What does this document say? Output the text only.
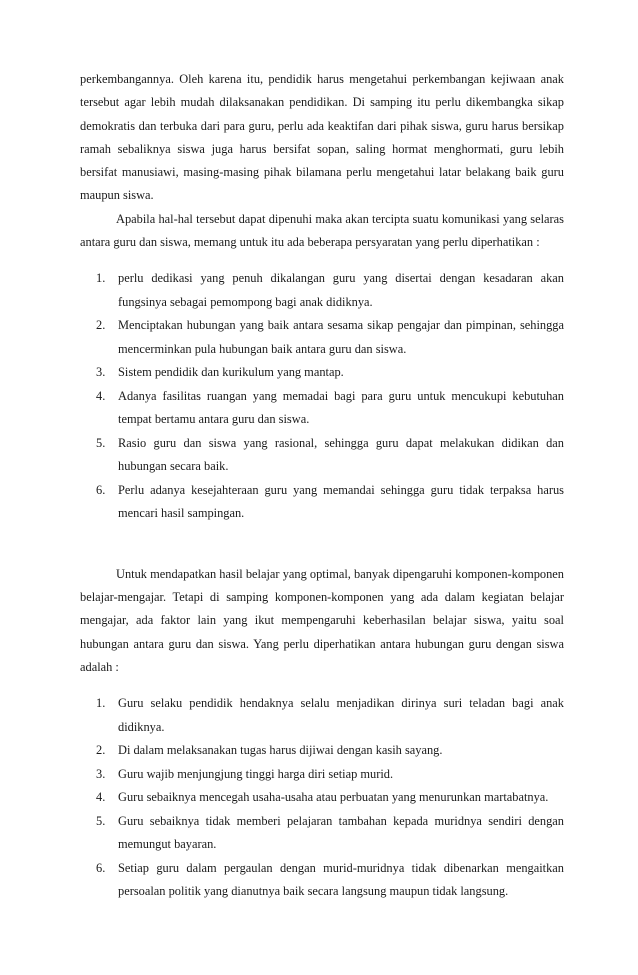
perkembangannya. Oleh karena itu, pendidik harus mengetahui perkembangan kejiwaan anak tersebut agar lebih mudah dilaksanakan pendidikan. Di samping itu perlu dikembangka sikap demokratis dan terbuka dari para guru, perlu ada keaktifan dari pihak siswa, guru harus bersikap ramah sebaliknya siswa juga harus bersifat sopan, saling hormat menghormati, guru lebih bersifat manusiawi, masing-masing pihak bilamana perlu mengetahui latar belakang baik guru maupun siswa.

Apabila hal-hal tersebut dapat dipenuhi maka akan tercipta suatu komunikasi yang selaras antara guru dan siswa, memang untuk itu ada beberapa persyaratan yang perlu diperhatikan :

1. perlu dedikasi yang penuh dikalangan guru yang disertai dengan kesadaran akan fungsinya sebagai pemompong bagi anak didiknya.
2. Menciptakan hubungan yang baik antara sesama sikap pengajar dan pimpinan, sehingga mencerminkan pula hubungan baik antara guru dan siswa.
3. Sistem pendidik dan kurikulum yang mantap.
4. Adanya fasilitas ruangan yang memadai bagi para guru untuk mencukupi kebutuhan tempat bertamu antara guru dan siswa.
5. Rasio guru dan siswa yang rasional, sehingga guru dapat melakukan didikan dan hubungan secara baik.
6. Perlu adanya kesejahteraan guru yang memandai sehingga guru tidak terpaksa harus mencari hasil sampingan.

Untuk mendapatkan hasil belajar yang optimal, banyak dipengaruhi komponen-komponen belajar-mengajar. Tetapi di samping komponen-komponen yang ada dalam kegiatan belajar mengajar, ada faktor lain yang ikut mempengaruhi keberhasilan belajar siswa, yaitu soal hubungan antara guru dan siswa. Yang perlu diperhatikan antara hubungan guru dengan siswa adalah :

1. Guru selaku pendidik hendaknya selalu menjadikan dirinya suri teladan bagi anak didiknya.
2. Di dalam melaksanakan tugas harus dijiwai dengan kasih sayang.
3. Guru wajib menjungjung tinggi harga diri setiap murid.
4. Guru sebaiknya mencegah usaha-usaha atau perbuatan yang menurunkan martabatnya.
5. Guru sebaiknya tidak memberi pelajaran tambahan kepada muridnya sendiri dengan memungut bayaran.
6. Setiap guru dalam pergaulan dengan murid-muridnya tidak dibenarkan mengaitkan persoalan politik yang dianutnya baik secara langsung maupun tidak langsung.
